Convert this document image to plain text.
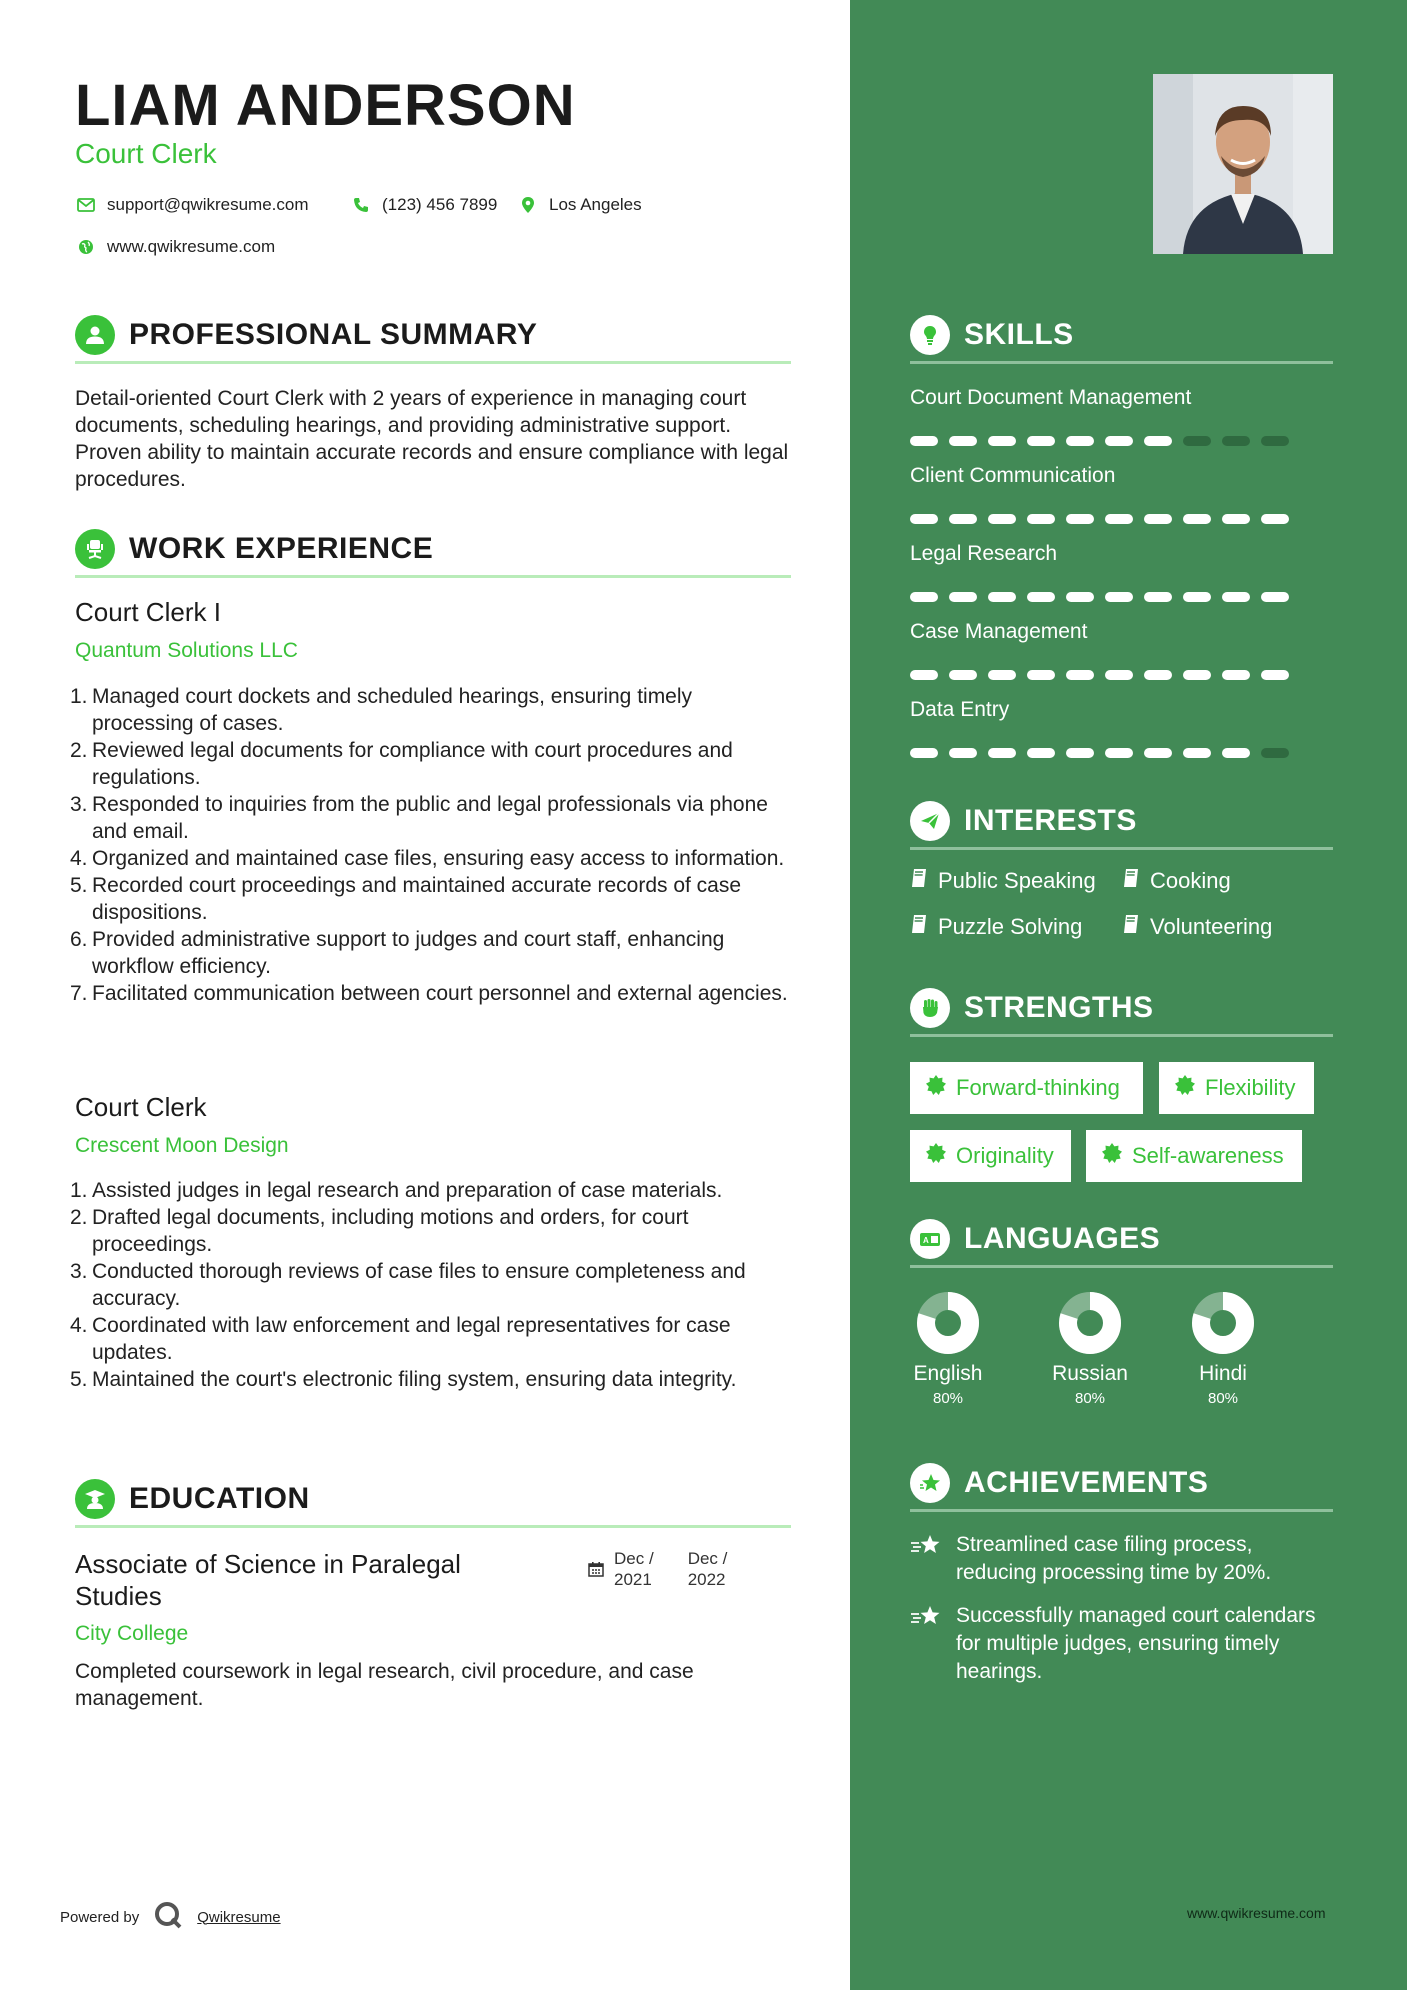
LIAM ANDERSON
Court Clerk
support@qwikresume.com	(123) 456 7899	Los Angeles
www.qwikresume.com
PROFESSIONAL SUMMARY
Detail-oriented Court Clerk with 2 years of experience in managing court documents, scheduling hearings, and providing administrative support. Proven ability to maintain accurate records and ensure compliance with legal procedures.
WORK EXPERIENCE
Court Clerk I
Quantum Solutions LLC
1. Managed court dockets and scheduled hearings, ensuring timely processing of cases.
2. Reviewed legal documents for compliance with court procedures and regulations.
3. Responded to inquiries from the public and legal professionals via phone and email.
4. Organized and maintained case files, ensuring easy access to information.
5. Recorded court proceedings and maintained accurate records of case dispositions.
6. Provided administrative support to judges and court staff, enhancing workflow efficiency.
7. Facilitated communication between court personnel and external agencies.
Court Clerk
Crescent Moon Design
1. Assisted judges in legal research and preparation of case materials.
2. Drafted legal documents, including motions and orders, for court proceedings.
3. Conducted thorough reviews of case files to ensure completeness and accuracy.
4. Coordinated with law enforcement and legal representatives for case updates.
5. Maintained the court's electronic filing system, ensuring data integrity.
EDUCATION
Associate of Science in Paralegal
Studies
Dec /
2021
Dec /
2022
City College
Completed coursework in legal research, civil procedure, and case management.
Powered by	Qwikresume
SKILLS
Court Document Management
Client Communication
Legal Research
Case Management
Data Entry
INTERESTS
Public Speaking Cooking
Puzzle Solving	Volunteering
STRENGTHS
Forward-thinking	Flexibility
Originality	Self-awareness
A LANGUAGES
English
80%
Russian
80%
Hindi
80%
ACHIEVEMENTS
Streamlined case filing process, reducing processing time by 20%.
Successfully managed court calendars for multiple judges, ensuring timely hearings.
www.qwikresume.com
